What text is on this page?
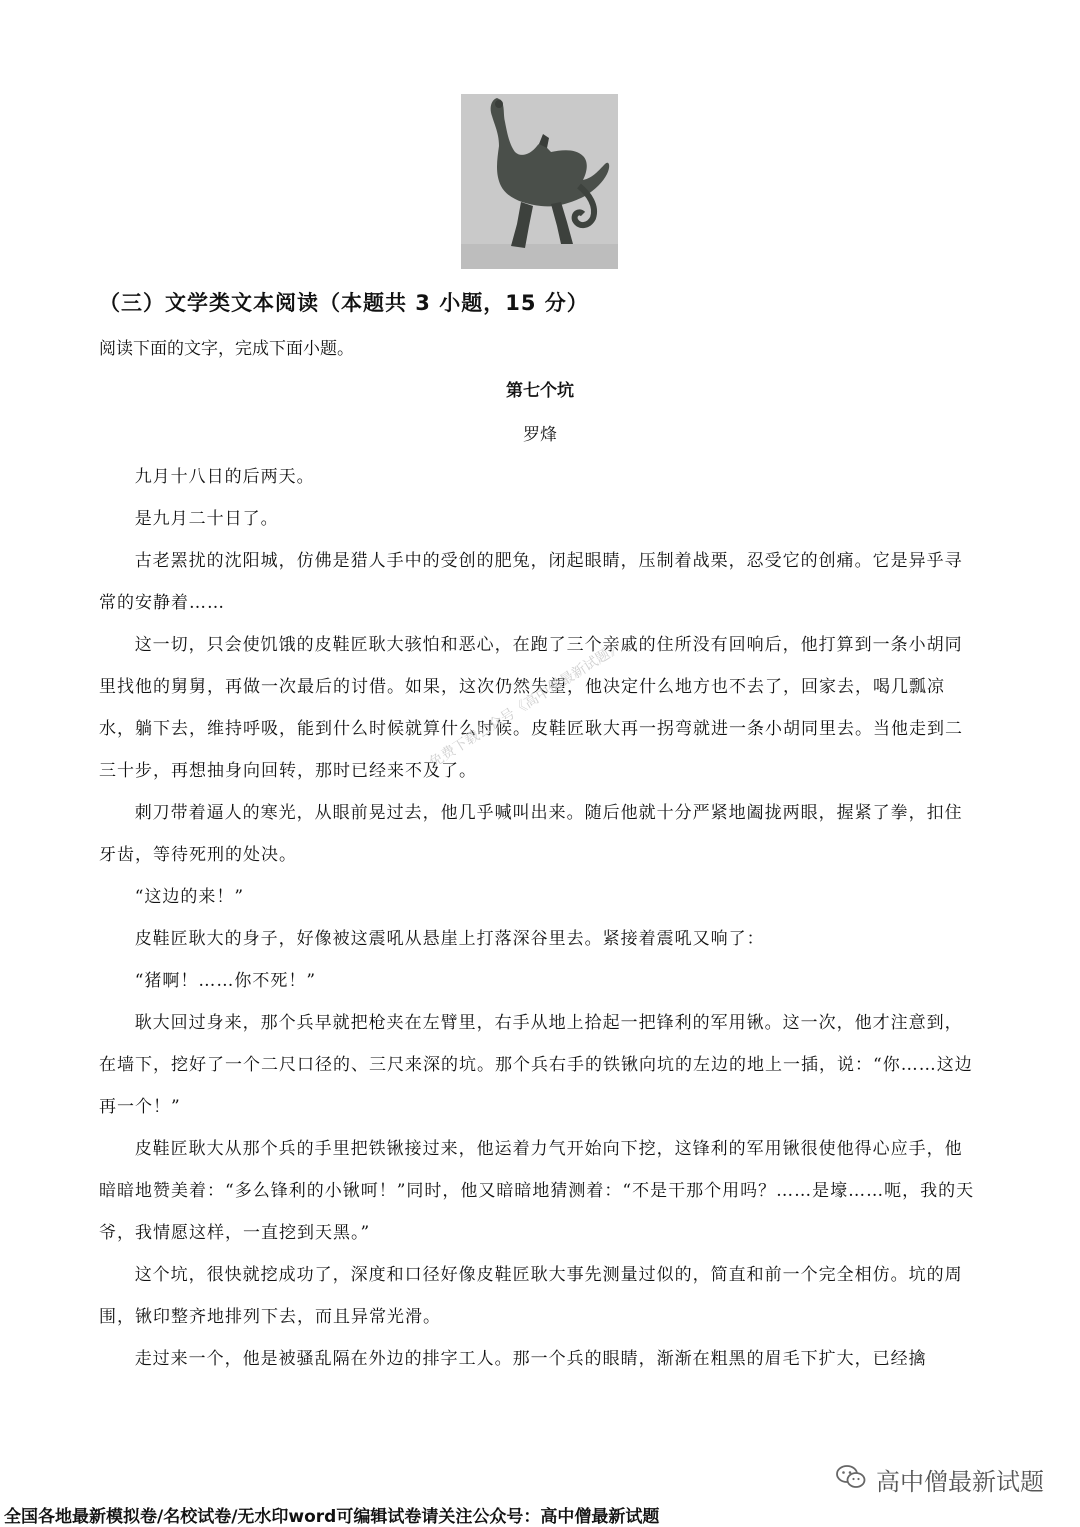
（三）文学类文本阅读（本题共 3 小题，15 分）
阅读下面的文字，完成下面小题。
第七个坑
罗烽

九月十八日的后两天。

是九月二十日了。

古老罴扰的沈阳城，仿佛是猎人手中的受创的肥兔，闭起眼睛，压制着战栗，忍受它的创痛。它是异乎寻常的安静着……

这一切，只会使饥饿的皮鞋匠耿大骇怕和恶心，在跑了三个亲戚的住所没有回响后，他打算到一条小胡同里找他的舅舅，再做一次最后的讨借。如果，这次仍然失望，他决定什么地方也不去了，回家去，喝几瓢凉水，躺下去，维持呼吸，能到什么时候就算什么时候。皮鞋匠耿大再一拐弯就进一条小胡同里去。当他走到二三十步，再想抽身向回转，那时已经来不及了。

刺刀带着逼人的寒光，从眼前晃过去，他几乎喊叫出来。随后他就十分严紧地阖拢两眼，握紧了拳，扣住牙齿，等待死刑的处决。

“这边的来！”

皮鞋匠耿大的身子，好像被这震吼从悬崖上打落深谷里去。紧接着震吼又响了：

“猪啊！……你不死！”

耿大回过身来，那个兵早就把枪夹在左臂里，右手从地上拾起一把锋利的军用锹。这一次，他才注意到，在墙下，挖好了一个二尺口径的、三尺来深的坑。那个兵右手的铁锹向坑的左边的地上一插，说：“你……这边再一个！”

皮鞋匠耿大从那个兵的手里把铁锹接过来，他运着力气开始向下挖，这锋利的军用锹很使他得心应手，他暗暗地赞美着：“多么锋利的小锹呵！”同时，他又暗暗地猜测着：“不是干那个用吗？……是壕……呃，我的天爷，我情愿这样，一直挖到天黑。”

这个坑，很快就挖成功了，深度和口径好像皮鞋匠耿大事先测量过似的，简直和前一个完全相仿。坑的周围，锹印整齐地排列下去，而且异常光滑。

走过来一个，他是被骚乱隔在外边的排字工人。那一个兵的眼睛，渐渐在粗黑的眉毛下扩大，已经擒

免费下载公众号《高中僧最新试题》
高中僧最新试题
全国各地最新模拟卷/名校试卷/无水印word可编辑试卷请关注公众号：高中僧最新试题
